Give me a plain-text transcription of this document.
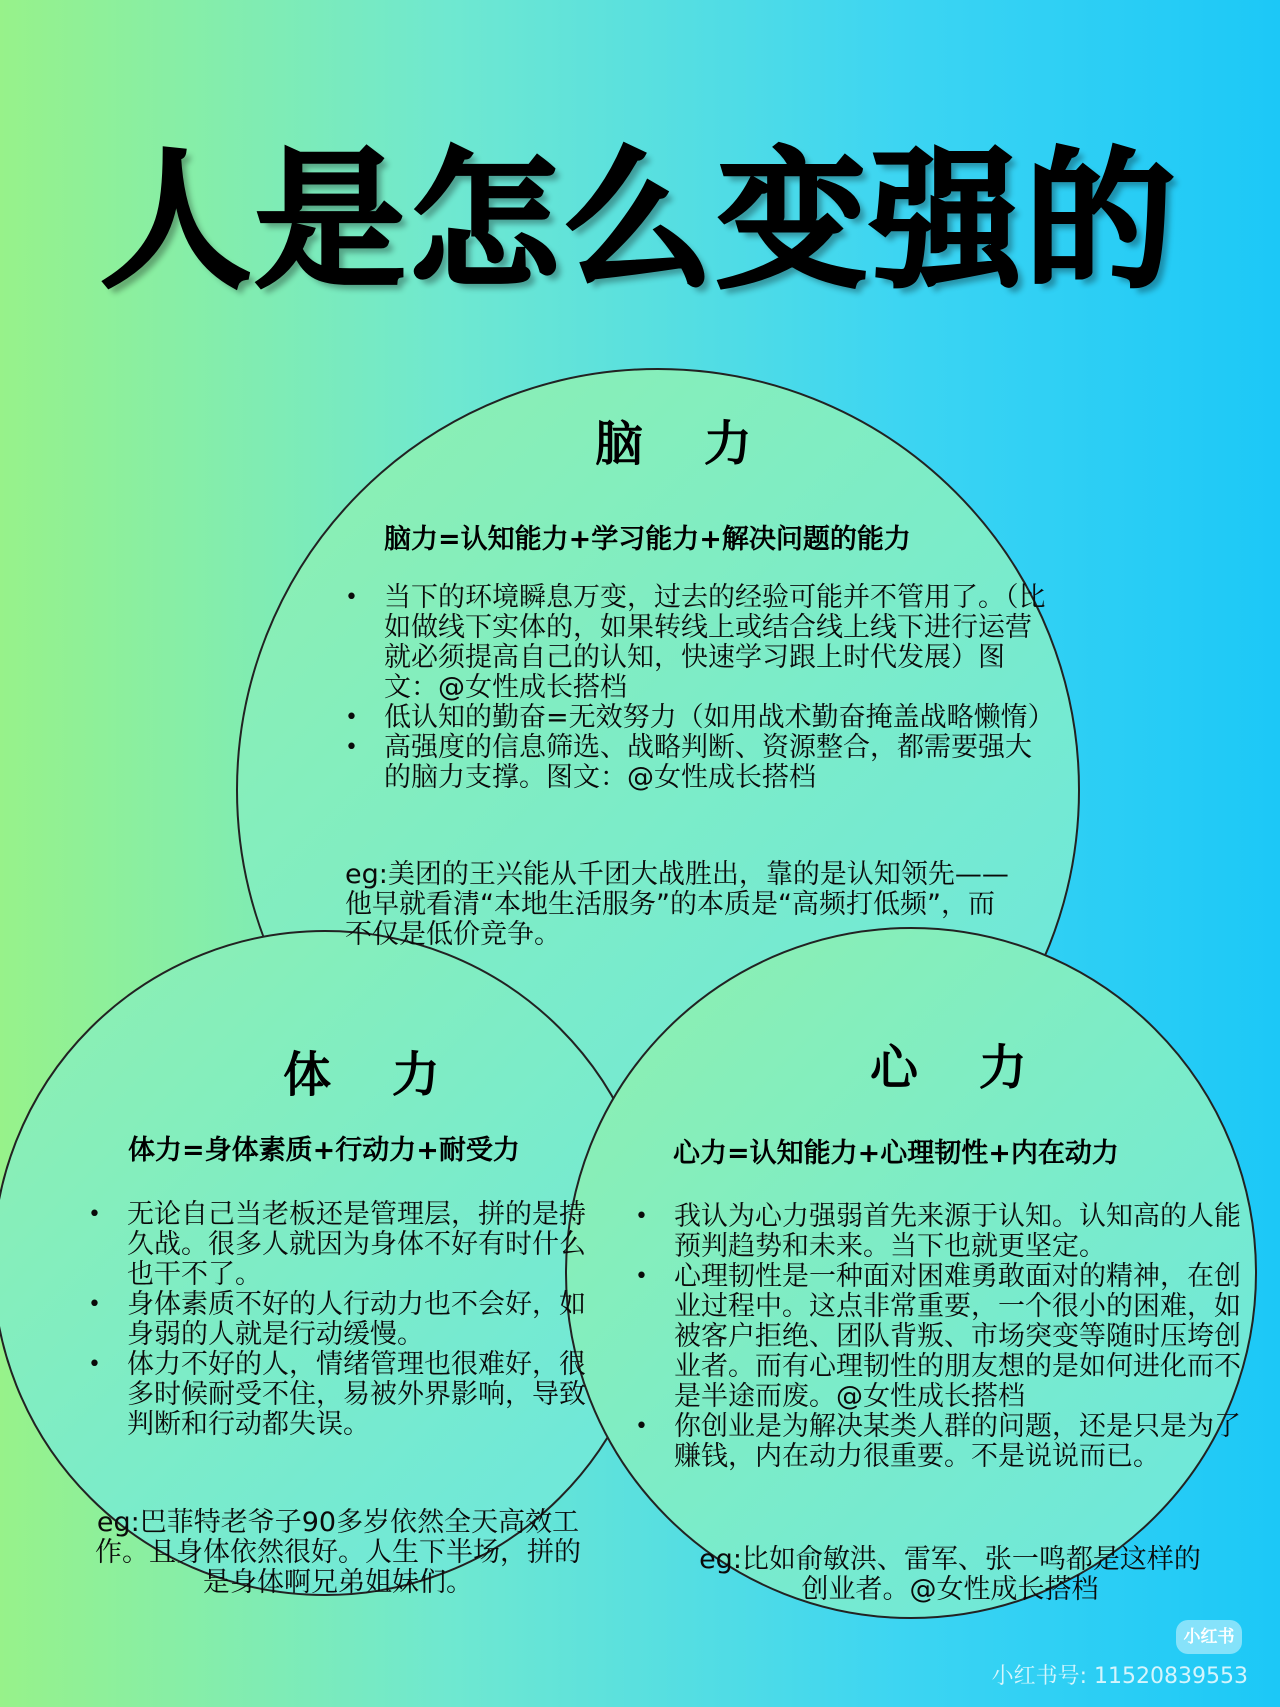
人是怎么变强的
脑 力

脑力=认知能力+学习能力+解决问题的能力

• 当下的环境瞬息万变，过去的经验可能并不管用了。（比如做线下实体的，如果转线上或结合线上线下进行运营就必须提高自己的认知，快速学习跟上时代发展）图文：@女性成长搭档
• 低认知的勤奋=无效努力（如用战术勤奋掩盖战略懒惰）
• 高强度的信息筛选、战略判断、资源整合，都需要强大的脑力支撑。图文：@女性成长搭档

eg:美团的王兴能从千团大战胜出，靠的是认知领先——他早就看清“本地生活服务”的本质是“高频打低频”，而不仅是低价竞争。

体 力

体力=身体素质+行动力+耐受力

• 无论自己当老板还是管理层，拼的是持久战。很多人就因为身体不好有时什么也干不了。
• 身体素质不好的人行动力也不会好，如身弱的人就是行动缓慢。
• 体力不好的人，情绪管理也很难好，很多时候耐受不住，易被外界影响，导致判断和行动都失误。

eg:巴菲特老爷子90多岁依然全天高效工作。且身体依然很好。人生下半场，拼的是身体啊兄弟姐妹们。

心 力

心力=认知能力+心理韧性+内在动力

• 我认为心力强弱首先来源于认知。认知高的人能预判趋势和未来。当下也就更坚定。
• 心理韧性是一种面对困难勇敢面对的精神，在创业过程中。这点非常重要，一个很小的困难，如被客户拒绝、团队背叛、市场突变等随时压垮创业者。而有心理韧性的朋友想的是如何进化而不是半途而废。@女性成长搭档
• 你创业是为解决某类人群的问题，还是只是为了赚钱，内在动力很重要。不是说说而已。

eg:比如俞敏洪、雷军、张一鸣都是这样的创业者。@女性成长搭档

小红书
小红书号: 11520839553
